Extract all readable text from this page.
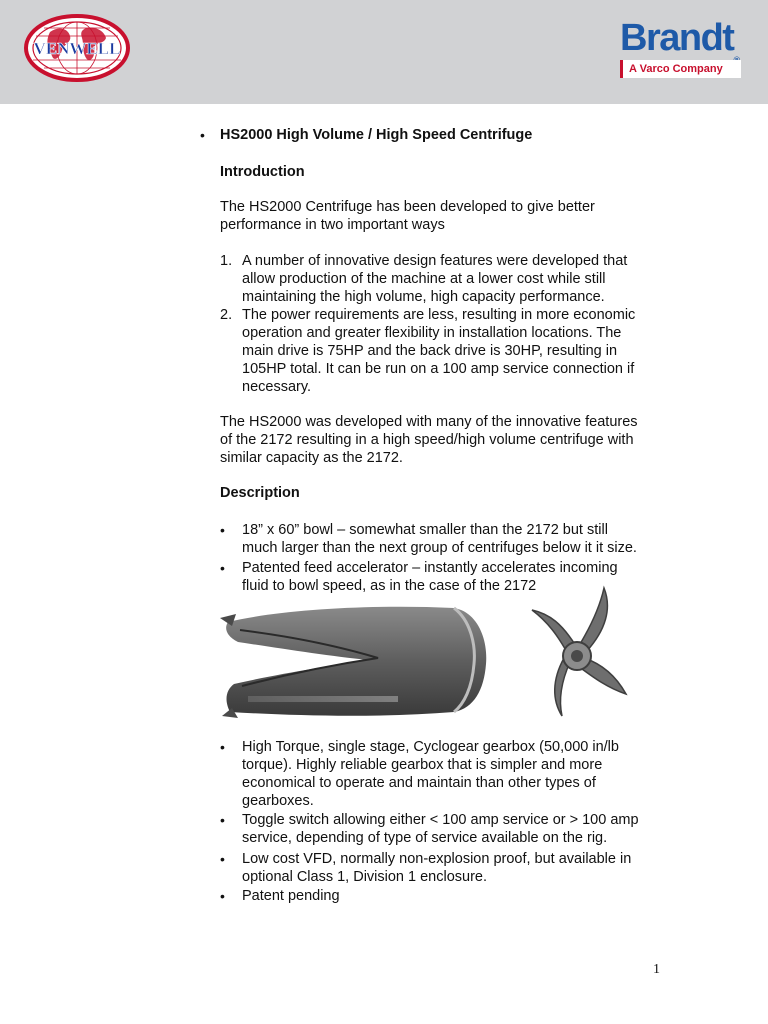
VENWELL	Brandt
A Varco Company
• HS2000 High Volume / High Speed Centrifuge
Introduction
The HS2000 Centrifuge has been developed to give better
performance in two important ways
1. A number of innovative design features were developed that
allow production of the machine at a lower cost while still
maintaining the high volume, high capacity performance.
2. The power requirements are less, resulting in more economic
operation and greater flexibility in installation locations. The
main drive is 75HP and the back drive is 30HP, resulting in
105HP total. It can be run on a 100 amp service connection if
necessary.
The HS2000 was developed with many of the innovative features
of the 2172 resulting in a high speed/high volume centrifuge with
similar capacity as the 2172.
Description
• 18” x 60” bowl – somewhat smaller than the 2172 but still
much larger than the next group of centrifuges below it it size.
• Patented feed accelerator – instantly accelerates incoming
fluid to bowl speed, as in the case of the 2172
• High Torque, single stage, Cyclogear gearbox (50,000 in/lb
torque). Highly reliable gearbox that is simpler and more
economical to operate and maintain than other types of
gearboxes.
• Toggle switch allowing either < 100 amp service or > 100 amp
service, depending of type of service available on the rig.
• Low cost VFD, normally non-explosion proof, but available in
optional Class 1, Division 1 enclosure.
• Patent pending
1
